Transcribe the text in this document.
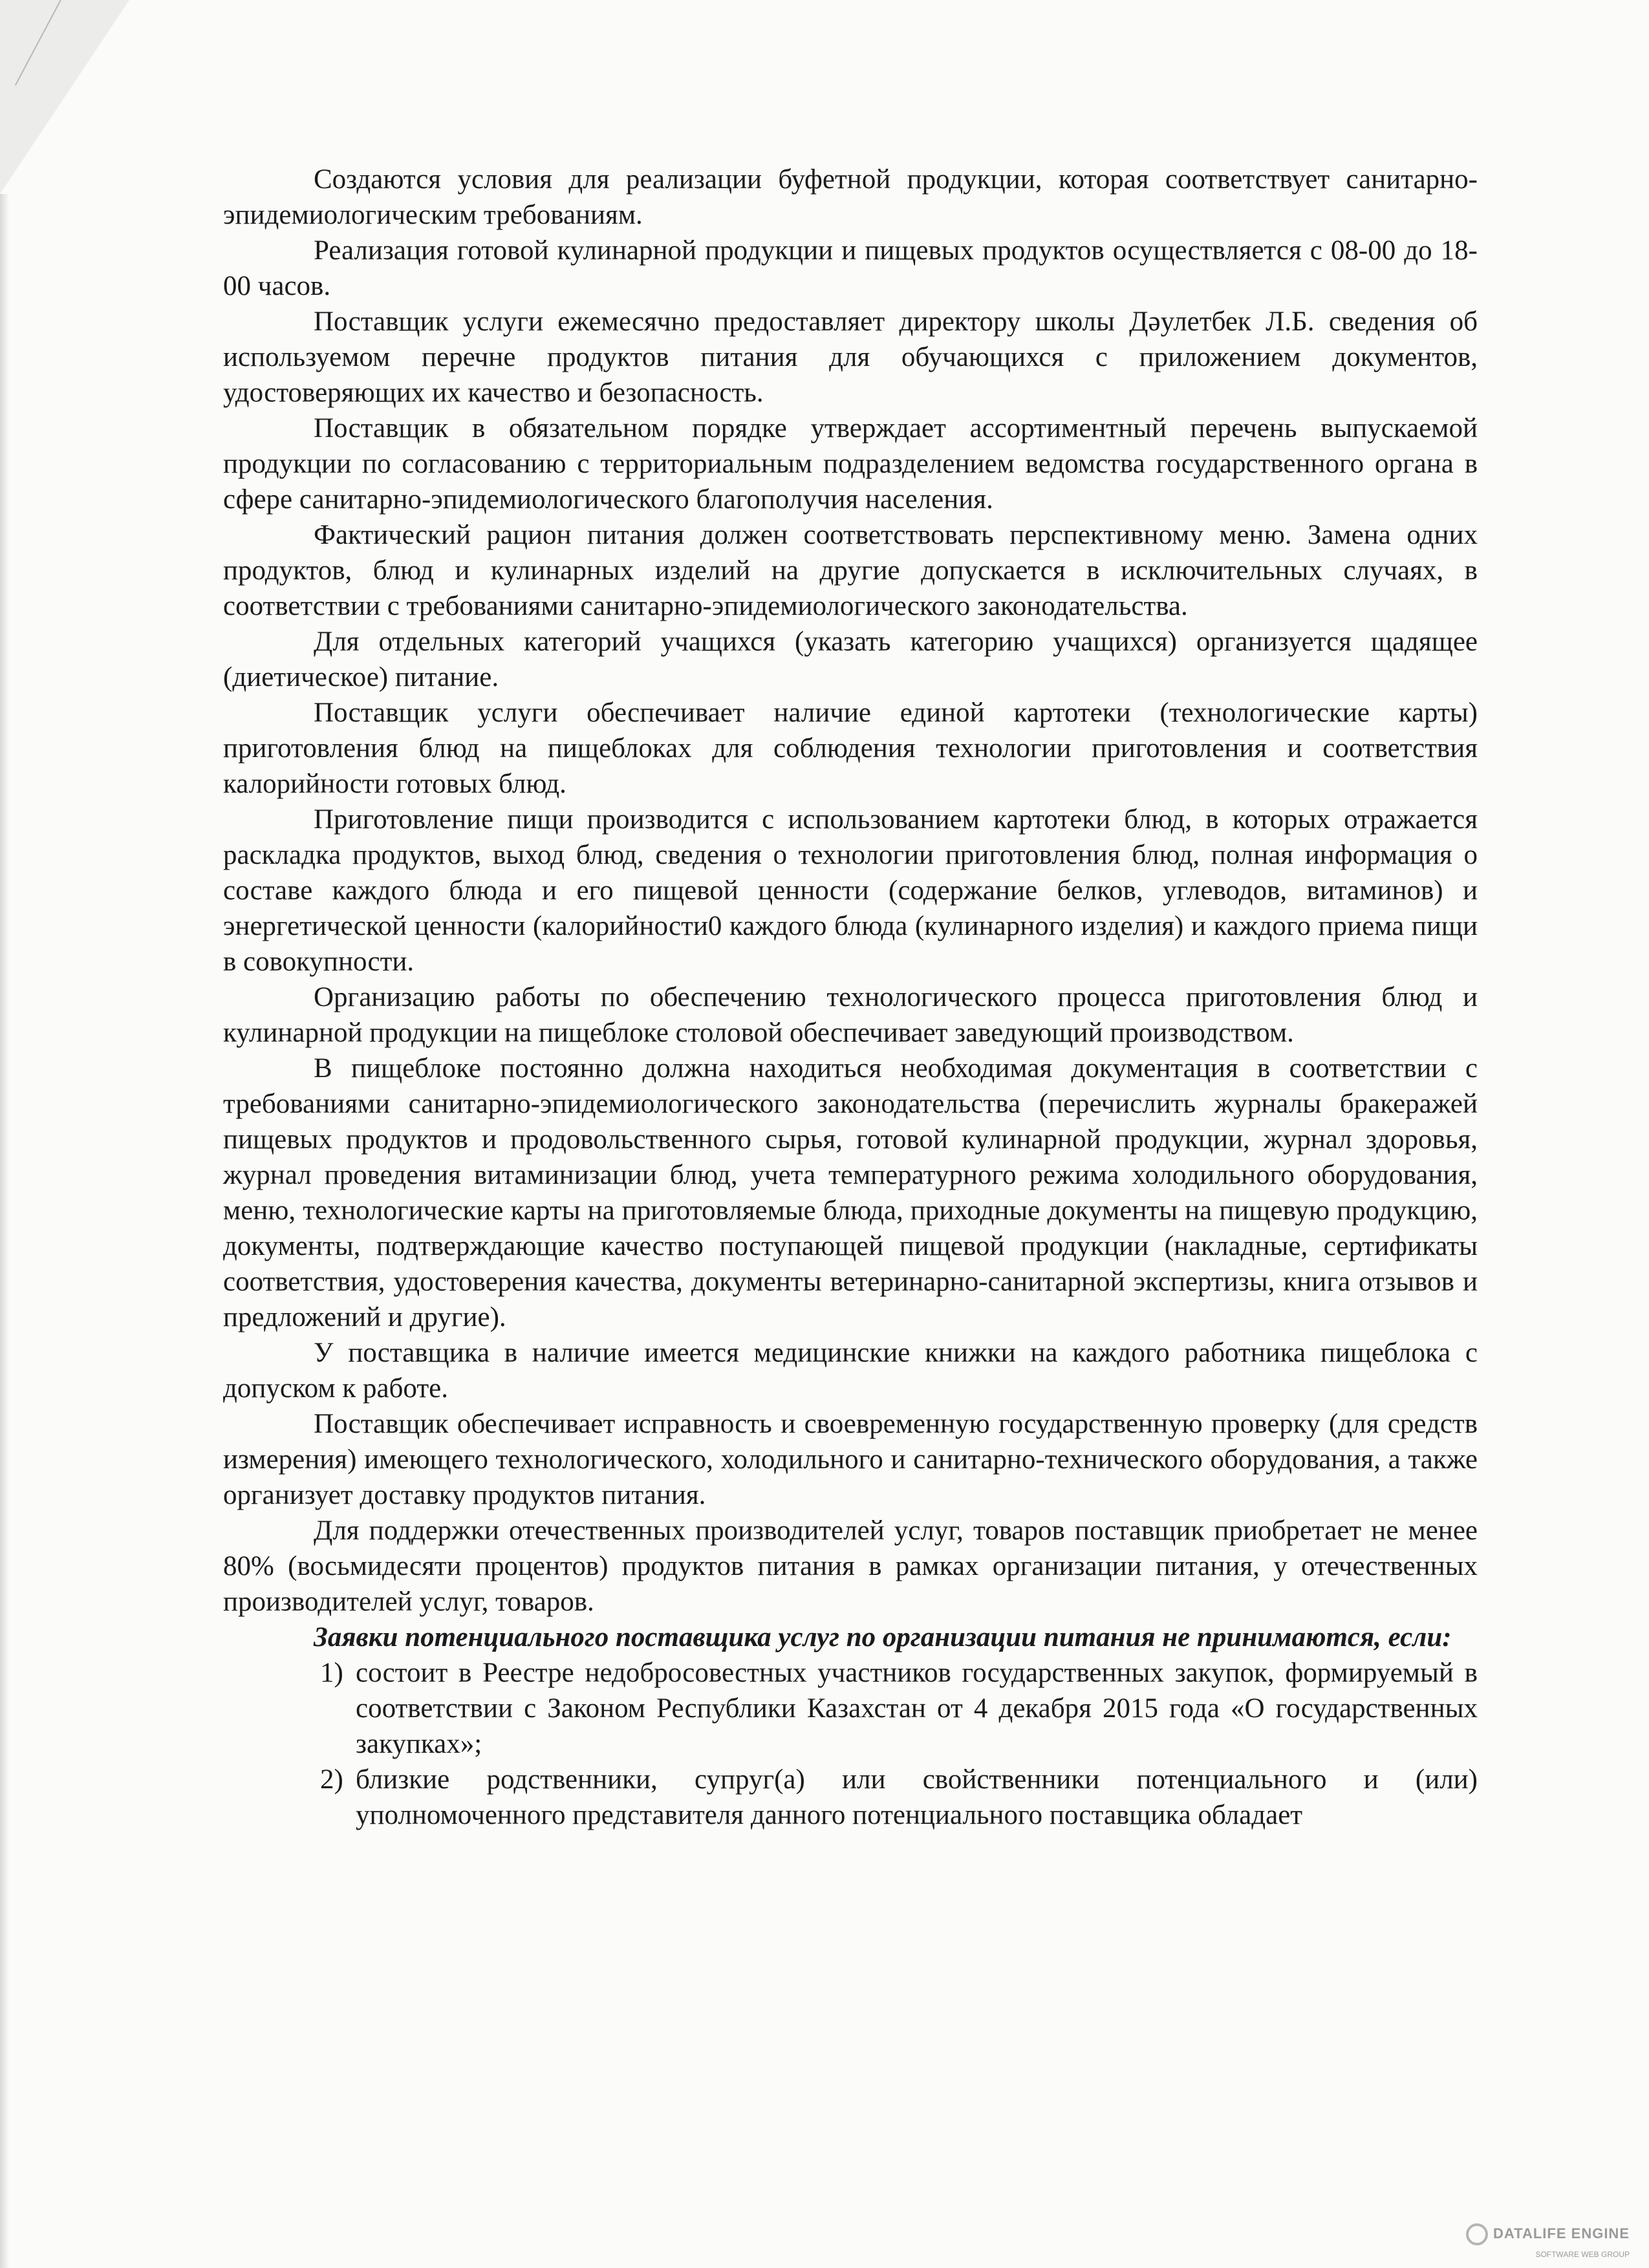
Создаются условия для реализации буфетной продукции, которая соответствует санитарно-эпидемиологическим требованиям.

Реализация готовой кулинарной продукции и пищевых продуктов осуществляется с 08-00 до 18-00 часов.

Поставщик услуги ежемесячно предоставляет директору школы Дәулетбек Л.Б. сведения об используемом перечне продуктов питания для обучающихся с приложением документов, удостоверяющих их качество и безопасность.

Поставщик в обязательном порядке утверждает ассортиментный перечень выпускаемой продукции по согласованию с территориальным подразделением ведомства государственного органа в сфере санитарно-эпидемиологического благополучия населения.

Фактический рацион питания должен соответствовать перспективному меню. Замена одних продуктов, блюд и кулинарных изделий на другие допускается в исключительных случаях, в соответствии с требованиями санитарно-эпидемиологического законодательства.

Для отдельных категорий учащихся (указать категорию учащихся) организуется щадящее (диетическое) питание.

Поставщик услуги обеспечивает наличие единой картотеки (технологические карты) приготовления блюд на пищеблоках для соблюдения технологии приготовления и соответствия калорийности готовых блюд.

Приготовление пищи производится с использованием картотеки блюд, в которых отражается раскладка продуктов, выход блюд, сведения о технологии приготовления блюд, полная информация о составе каждого блюда и его пищевой ценности (содержание белков, углеводов, витаминов) и энергетической ценности (калорийности0 каждого блюда (кулинарного изделия) и каждого приема пищи в совокупности.

Организацию работы по обеспечению технологического процесса приготовления блюд и кулинарной продукции на пищеблоке столовой обеспечивает заведующий производством.

В пищеблоке постоянно должна находиться необходимая документация в соответствии с требованиями санитарно-эпидемиологического законодательства (перечислить журналы бракеражей пищевых продуктов и продовольственного сырья, готовой кулинарной продукции, журнал здоровья, журнал проведения витаминизации блюд, учета температурного режима холодильного оборудования, меню, технологические карты на приготовляемые блюда, приходные документы на пищевую продукцию, документы, подтверждающие качество поступающей пищевой продукции (накладные, сертификаты соответствия, удостоверения качества, документы ветеринарно-санитарной экспертизы, книга отзывов и предложений и другие).

У поставщика в наличие имеется медицинские книжки на каждого работника пищеблока с допуском к работе.

Поставщик обеспечивает исправность и своевременную государственную проверку (для средств измерения) имеющего технологического, холодильного и санитарно-технического оборудования, а также организует доставку продуктов питания.

Для поддержки отечественных производителей услуг, товаров поставщик приобретает не менее 80% (восьмидесяти процентов) продуктов питания в рамках организации питания, у отечественных производителей услуг, товаров.

Заявки потенциального поставщика услуг по организации питания не принимаются, если:

1) состоит в Реестре недобросовестных участников государственных закупок, формируемый в соответствии с Законом Республики Казахстан от 4 декабря 2015 года «О государственных закупках»;
2) близкие родственники, супруг(а) или свойственники потенциального и (или) уполномоченного представителя данного потенциального поставщика обладает
DATALIFE ENGINE
SOFTWARE WEB GROUP
